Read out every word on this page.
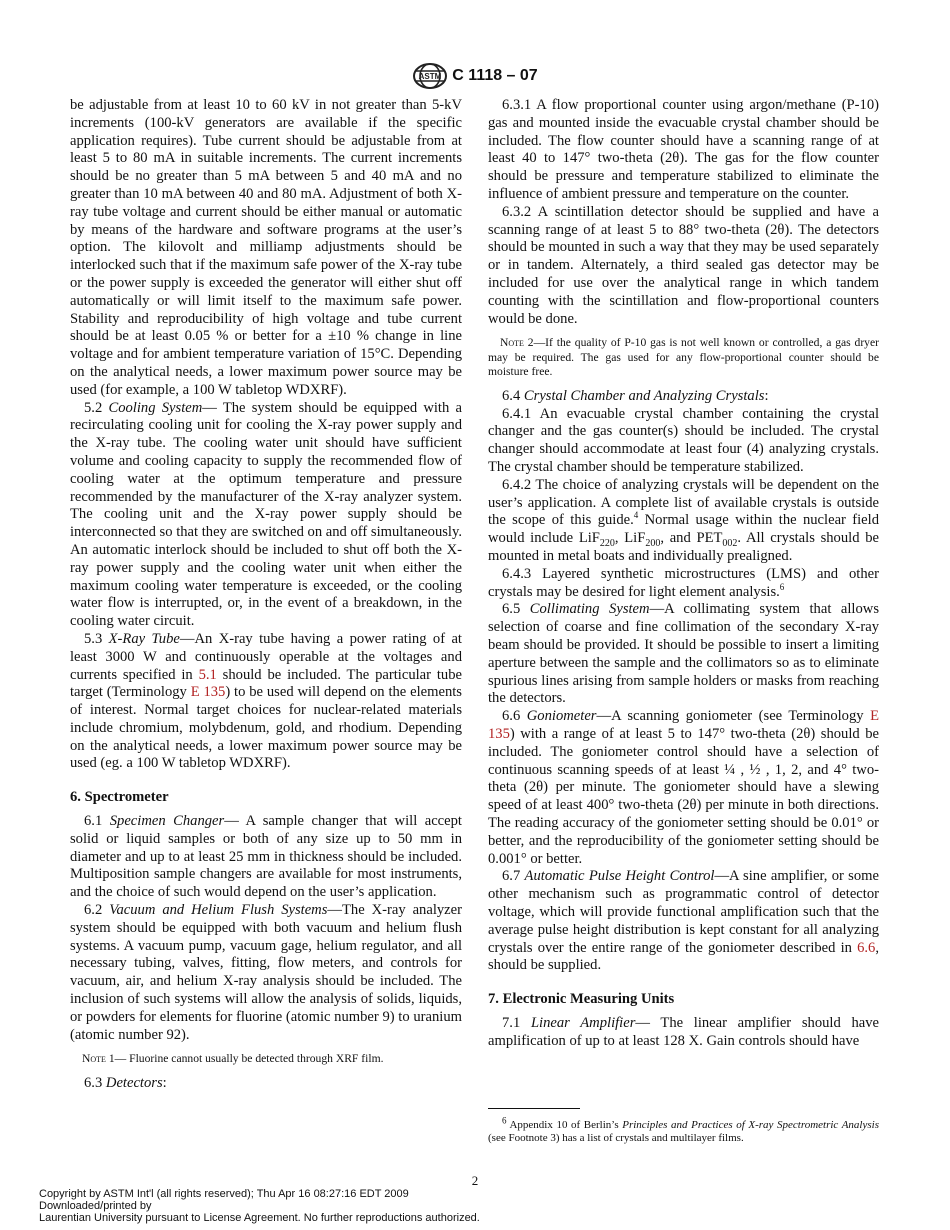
ASTM C 1118 – 07

be adjustable from at least 10 to 60 kV in not greater than 5-kV increments (100-kV generators are available if the specific application requires). Tube current should be adjustable from at least 5 to 80 mA in suitable increments. The current increments should be no greater than 5 mA between 5 and 40 mA and no greater than 10 mA between 40 and 80 mA. Adjustment of both X-ray tube voltage and current should be either manual or automatic by means of the hardware and software programs at the user’s option. The kilovolt and milliamp adjustments should be interlocked such that if the maximum safe power of the X-ray tube or the power supply is exceeded the generator will either shut off automatically or will limit itself to the maximum safe power. Stability and reproducibility of high voltage and tube current should be at least 0.05 % or better for a ±10 % change in line voltage and for ambient temperature variation of 15°C. Depending on the analytical needs, a lower maximum power source may be used (for example, a 100 W tabletop WDXRF).

5.2 Cooling System— The system should be equipped with a recirculating cooling unit for cooling the X-ray power supply and the X-ray tube. The cooling water unit should have sufficient volume and cooling capacity to supply the recommended flow of cooling water at the optimum temperature and pressure recommended by the manufacturer of the X-ray analyzer system. The cooling unit and the X-ray power supply should be interconnected so that they are switched on and off simultaneously. An automatic interlock should be included to shut off both the X-ray power supply and the cooling water unit when either the maximum cooling water temperature is exceeded, or the cooling water flow is interrupted, or, in the event of a breakdown, in the cooling water circuit.

5.3 X-Ray Tube—An X-ray tube having a power rating of at least 3000 W and continuously operable at the voltages and currents specified in 5.1 should be included. The particular tube target (Terminology E 135) to be used will depend on the elements of interest. Normal target choices for nuclear-related materials include chromium, molybdenum, gold, and rhodium. Depending on the analytical needs, a lower maximum power source may be used (eg. a 100 W tabletop WDXRF).

6. Spectrometer

6.1 Specimen Changer— A sample changer that will accept solid or liquid samples or both of any size up to 50 mm in diameter and up to at least 25 mm in thickness should be included. Multiposition sample changers are available for most instruments, and the choice of such would depend on the user’s application.

6.2 Vacuum and Helium Flush Systems—The X-ray analyzer system should be equipped with both vacuum and helium flush systems. A vacuum pump, vacuum gage, helium regulator, and all necessary tubing, valves, fitting, flow meters, and controls for vacuum, air, and helium X-ray analysis should be included. The inclusion of such systems will allow the analysis of solids, liquids, or powders for elements for fluorine (atomic number 9) to uranium (atomic number 92).

Note 1— Fluorine cannot usually be detected through XRF film.

6.3 Detectors:

6.3.1 A flow proportional counter using argon/methane (P-10) gas and mounted inside the evacuable crystal chamber should be included. The flow counter should have a scanning range of at least 40 to 147° two-theta (2θ). The gas for the flow counter should be pressure and temperature stabilized to eliminate the influence of ambient pressure and temperature on the counter.

6.3.2 A scintillation detector should be supplied and have a scanning range of at least 5 to 88° two-theta (2θ). The detectors should be mounted in such a way that they may be used separately or in tandem. Alternately, a third sealed gas detector may be included for use over the analytical range in which tandem counting with the scintillation and flow-proportional counters would be done.

Note 2—If the quality of P-10 gas is not well known or controlled, a gas dryer may be required. The gas used for any flow-proportional counter should be moisture free.

6.4 Crystal Chamber and Analyzing Crystals:

6.4.1 An evacuable crystal chamber containing the crystal changer and the gas counter(s) should be included. The crystal changer should accommodate at least four (4) analyzing crystals. The crystal chamber should be temperature stabilized.

6.4.2 The choice of analyzing crystals will be dependent on the user’s application. A complete list of available crystals is outside the scope of this guide.$^4$ Normal usage within the nuclear field would include LiF$_{220}$, LiF$_{200}$, and $PET_{002}$. All crystals should be mounted in metal boats and individually prealigned.

6.4.3 Layered synthetic microstructures (LMS) and other crystals may be desired for light element analysis.$^6$

6.5 Collimating System—A collimating system that allows selection of coarse and fine collimation of the secondary X-ray beam should be provided. It should be possible to insert a limiting aperture between the sample and the collimators so as to eliminate spurious lines arising from sample holders or masks from reaching the detectors.

6.6 Goniometer—A scanning goniometer (see Terminology E 135) with a range of at least 5 to 147° two-theta (2θ) should be included. The goniometer control should have a selection of continuous scanning speeds of at least ¼ , ½ , 1, 2, and 4° two-theta (2θ) per minute. The goniometer should have a slewing speed of at least 400° two-theta (2θ) per minute in both directions. The reading accuracy of the goniometer setting should be 0.01° or better, and the reproducibility of the goniometer setting should be 0.001° or better.

6.7 Automatic Pulse Height Control—A sine amplifier, or some other mechanism such as programmatic control of detector voltage, which will provide functional amplification such that the average pulse height distribution is kept constant for all analyzing crystals over the entire range of the goniometer described in 6.6, should be supplied.

7. Electronic Measuring Units

7.1 Linear Amplifier— The linear amplifier should have amplification of up to at least 128 X. Gain controls should have

$^6$ Appendix 10 of Berlin’s Principles and Practices of X-ray Spectrometric Analysis (see Footnote 3) has a list of crystals and multilayer films.
2
Copyright by ASTM Int'l (all rights reserved); Thu Apr 16 08:27:16 EDT 2009
Downloaded/printed by
Laurentian University pursuant to License Agreement. No further reproductions authorized.
